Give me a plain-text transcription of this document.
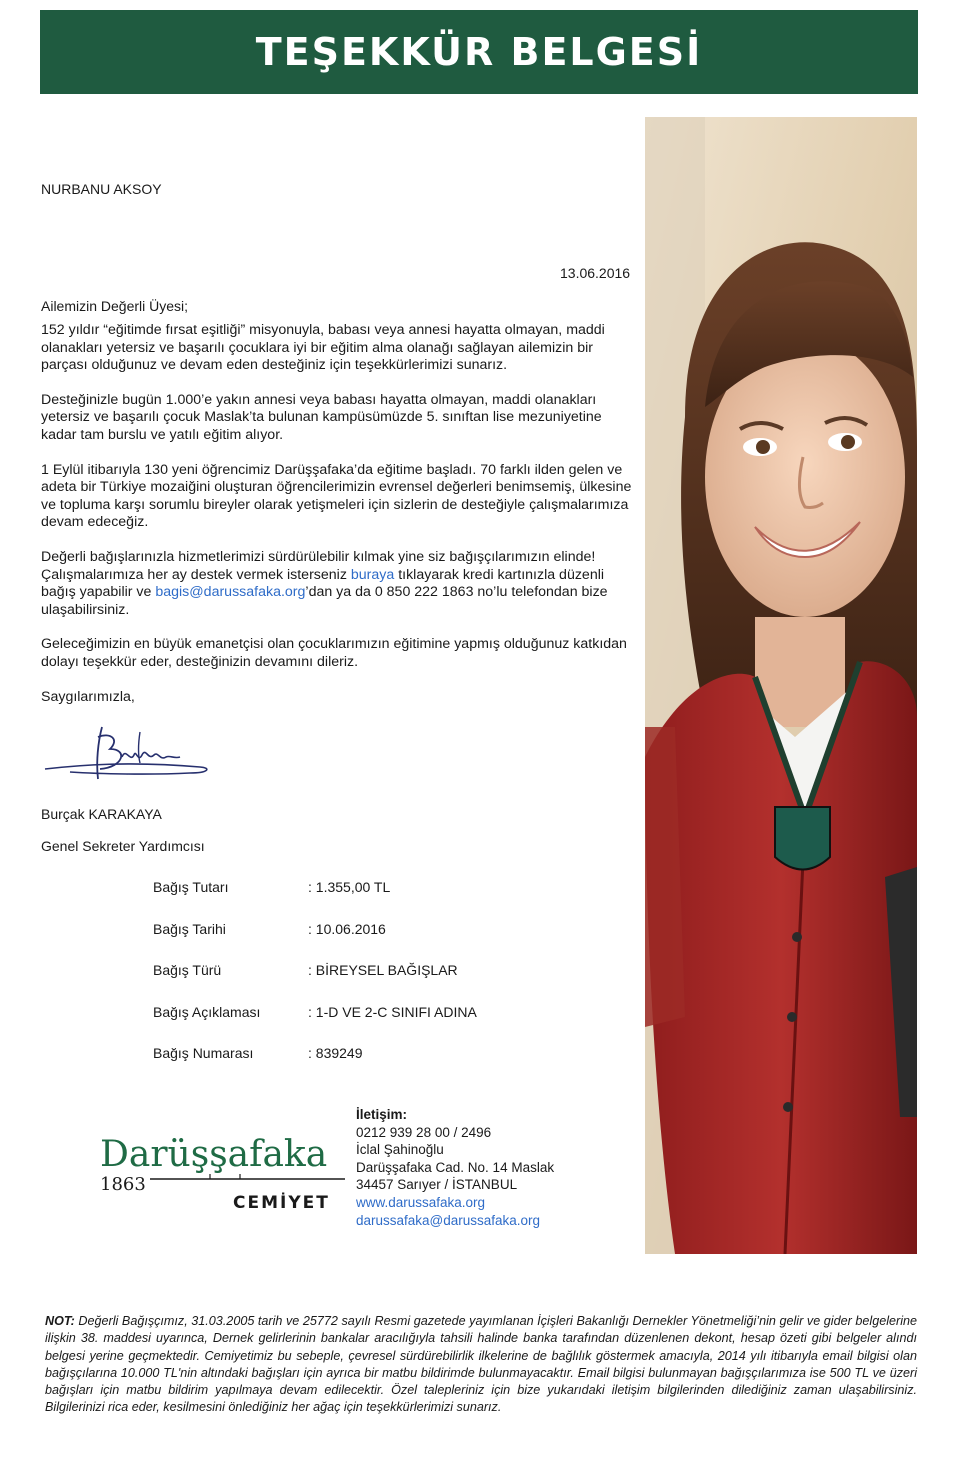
TEŞEKKÜR BELGESİ
NURBANU AKSOY
13.06.2016
Ailemizin Değerli Üyesi;

152 yıldır “eğitimde fırsat eşitliği” misyonuyla, babası veya annesi hayatta olmayan, maddi olanakları yetersiz ve başarılı çocuklara iyi bir eğitim alma olanağı sağlayan ailemizin bir parçası olduğunuz ve devam eden desteğiniz için teşekkürlerimizi sunarız.

Desteğinizle bugün 1.000’e yakın annesi veya babası hayatta olmayan, maddi olanakları yetersiz ve başarılı çocuk Maslak’ta bulunan kampüsümüzde 5. sınıftan lise mezuniyetine kadar tam burslu ve yatılı eğitim alıyor.

1 Eylül itibarıyla 130 yeni öğrencimiz Darüşşafaka’da eğitime başladı. 70 farklı ilden gelen ve adeta bir Türkiye mozaiğini oluşturan öğrencilerimizin evrensel değerleri benimsemiş, ülkesine ve topluma karşı sorumlu bireyler olarak yetişmeleri için sizlerin de desteğiyle çalışmalarımıza devam edeceğiz.

Değerli bağışlarınızla hizmetlerimizi sürdürülebilir kılmak yine siz bağışçılarımızın elinde! Çalışmalarımıza her ay destek vermek isterseniz buraya tıklayarak kredi kartınızla düzenli bağış yapabilir ve bagis@darussafaka.org’dan ya da 0 850 222 1863 no’lu telefondan bize ulaşabilirsiniz.

Geleceğimizin en büyük emanetçisi olan çocuklarımızın eğitimine yapmış olduğunuz katkıdan dolayı teşekkür eder, desteğinizin devamını dileriz.

Saygılarımızla,

Burçak KARAKAYA
Genel Sekreter Yardımcısı
Bağış Tutarı	: 1.355,00 TL
Bağış Tarihi	: 10.06.2016
Bağış Türü	: BİREYSEL BAĞIŞLAR
Bağış Açıklaması	: 1-D VE 2-C SINIFI ADINA
Bağış Numarası	: 839249
Darüşşafaka
1863
CEMİYET
İletişim:
0212 939 28 00 / 2496
İclal Şahinoğlu
Darüşşafaka Cad. No. 14 Maslak
34457 Sarıyer / İSTANBUL
www.darussafaka.org
darussafaka@darussafaka.org
NOT: Değerli Bağışçımız, 31.03.2005 tarih ve 25772 sayılı Resmi gazetede yayımlanan İçişleri Bakanlığı Dernekler Yönetmeliği’nin gelir ve gider belgelerine ilişkin 38. maddesi uyarınca, Dernek gelirlerinin bankalar aracılığıyla tahsili halinde banka tarafından düzenlenen dekont, hesap özeti gibi belgeler alındı belgesi yerine geçmektedir. Cemiyetimiz bu sebeple, çevresel sürdürebilirlik ilkelerine de bağlılık göstermek amacıyla, 2014 yılı itibarıyla email bilgisi olan bağışçılarına 10.000 TL'nin altındaki bağışları için ayrıca bir matbu bildirimde bulunmayacaktır. Email bilgisi bulunmayan bağışçılarımıza ise 500 TL ve üzeri bağışları için matbu bildirim yapılmaya devam edilecektir. Özel talepleriniz için bize yukarıdaki iletişim bilgilerinden dilediğiniz zaman ulaşabilirsiniz. Bilgilerinizi rica eder, kesilmesini önlediğiniz her ağaç için teşekkürlerimizi sunarız.
